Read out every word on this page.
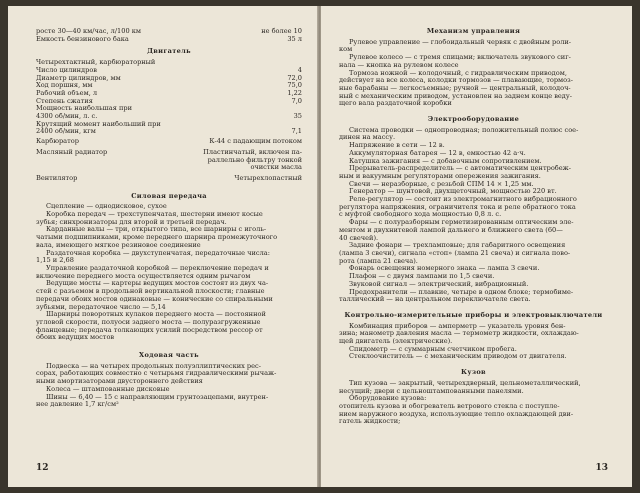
росте 30—40 км/час, л/100 км	не более 10
Емкость бензинового бака	35 л
Двигатель
Четырехтактный, карбюраторный
Число цилиндров	4
Диаметр цилиндров, мм	72,0
Ход поршня, мм	75,0
Рабочий объем, л	1,22
Степень сжатия	7,0
Мощность наибольшая при
4300 об/мин, л. с.	35
Крутящий момент наибольший при
2400 об/мин, кгм	7,1
Карбюратор	К-44 с падающим потоком
Масляный радиатор	Пластинчатый, включен па-
раллельно фильтру тонкой
очистки масла
Вентилятор	Четырехлопастный
Силовая передача
Сцепление — однодисковое, сухое
Коробка передач — трехступенчатая, шестерни имеют косые
зубья; синхронизаторы для второй и третьей передач.
Карданные валы — три, открытого типа, все шарниры с иголь-
чатыми подшипниками, кроме переднего шарнира промежуточного
вала, имеющего мягкое резиновое соединение
Раздаточная коробка — двухступенчатая, передаточные числа:
1,15 и 2,68
Управление раздаточной коробкой — переключение передач и
включение переднего моста осуществляется одним рычагом
Ведущие мосты — картеры ведущих мостов состоят из двух ча-
стей с разъемом в продольной вертикальной плоскости; главные
передачи обоих мостов одинаковые — конические со спиральными
зубьями, передаточное число — 5,14
Шарниры поворотных кулаков переднего моста — постоянной
угловой скорости, полуоси заднего моста — полуразгруженные
фланцевые; передача толкающих усилий посредством рессор от
обоих ведущих мостов
Ходовая часть
Подвеска — на четырех продольных полуэллиптических рес-
сорах, работающих совместно с четырьмя гидравлическими рычаж-
ными амортизаторами двустороннего действия
Колеса — штампованные дисковые
Шины — 6,40 — 15 с направляющим грунтозацепами, внутрен-
нее давление 1,7 кг/см²
12
Механизм управления
Рулевое управление — глобоидальный червяк с двойным роли-
ком
Рулевое колесо — с тремя спицами; включатель звукового сиг-
нала — кнопка на рулевом колесе
Тормоза ножной — колодочный, с гидравлическим приводом,
действует на все колеса, колодки тормозов — плавающие, тормоз-
ные барабаны — легкосъемные; ручной — центральный, колодоч-
ный с механическим приводом, установлен на заднем конце веду-
щего вала раздаточной коробки
Электрооборудование
Система проводки — однопроводная; положительный полюс сое-
динен на массу.
Напряжение в сети — 12 в.
Аккумуляторная батарея — 12 в, емкостью 42 а·ч.
Катушка зажигания — с добавочным сопротивлением.
Прерыватель-распределитель — с автоматическим центробеж-
ным и вакуумным регуляторами опережения зажигания.
Свечи — неразборные, с резьбой СПМ 14 × 1,25 мм.
Генератор — шунтовой, двухщеточный, мощностью 220 вт.
Реле-регулятор — состоит из электромагнитного вибрационного
регулятора напряжения, ограничителя тока и реле обратного тока
с муфтой свободного хода мощностью 0,8 л. с.
Фары — с полуразборным герметизированным оптическим эле-
ментом и двухнитевой лампой дальнего и ближнего света (60—
40 свечей).
Задние фонари — трехламповые; для габаритного освещения
(лампа 3 свечи), сигнала «стоп» (лампа 21 свеча) и сигнала пово-
рота (лампа 21 свеча).
Фонарь освещения номерного знака — лампа 3 свечи.
Плафон — с двумя лампами по 1,5 свечи.
Звуковой сигнал — электрический, вибрационный.
Предохранители — плавкие, четыре в одном блоке; термобиме-
таллический — на центральном переключателе света.
Контрольно-измерительные приборы и электровыключатели
Комбинация приборов — амперметр — указатель уровня бен-
зина; манометр давления масла — термометр жидкости, охлаждаю-
щей двигатель (электрические).
Спидометр — с суммарным счетчиком пробега.
Стеклоочиститель — с механическим приводом от двигателя.
Кузов
Тип кузова — закрытый, четырехдверный, цельнометаллический,
несущий; двери с цельноштампованными панелями.
Оборудование кузова:
отопитель кузова и обогреватель ветрового стекла с поступле-
нием наружного воздуха, использующие тепло охлаждающей дви-
гатель жидкости;
13
